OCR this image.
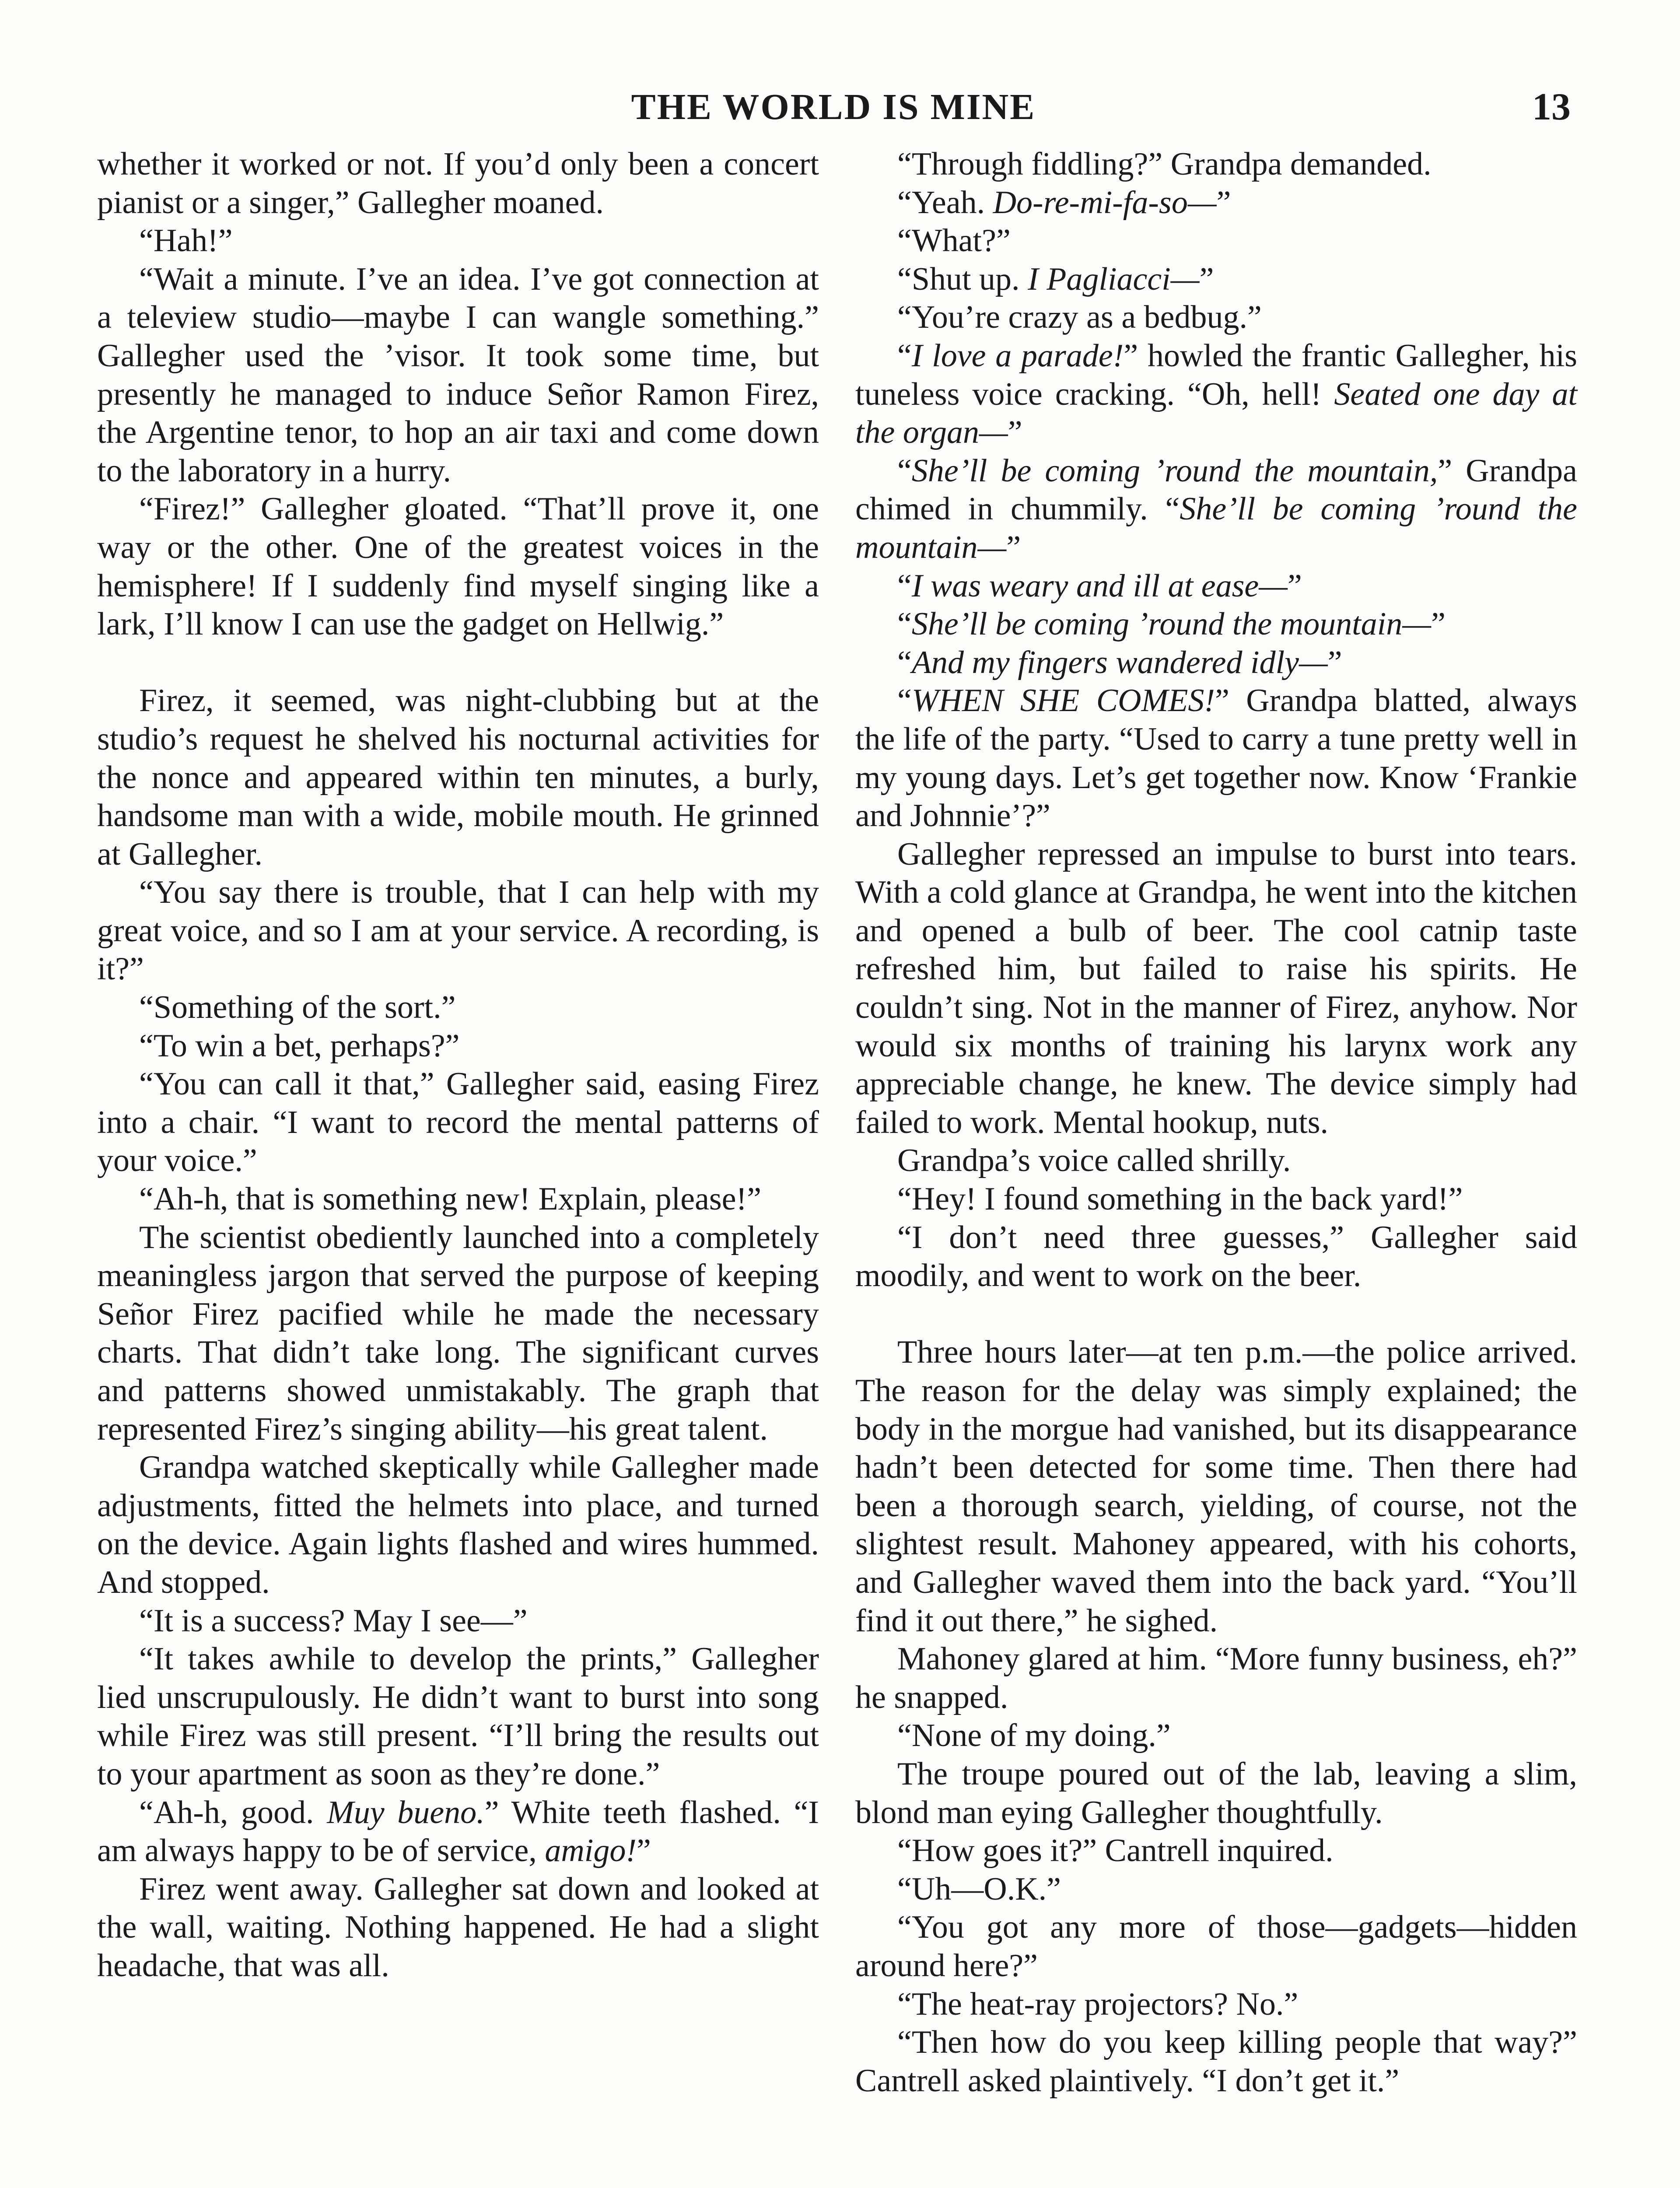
THE WORLD IS MINE	13

whether it worked or not. If you’d only been a concert pianist or a singer,” Gallegher moaned.

“Hah!”

“Wait a minute. I’ve an idea. I’ve got connection at a teleview studio—maybe I can wangle something.” Gallegher used the ’visor. It took some time, but presently he managed to induce Señor Ramon Firez, the Argentine tenor, to hop an air taxi and come down to the laboratory in a hurry.

“Firez!” Gallegher gloated. “That’ll prove it, one way or the other. One of the greatest voices in the hemisphere! If I suddenly find myself singing like a lark, I’ll know I can use the gadget on Hellwig.”

Firez, it seemed, was night-clubbing but at the studio’s request he shelved his nocturnal activities for the nonce and appeared within ten minutes, a burly, handsome man with a wide, mobile mouth. He grinned at Gallegher.

“You say there is trouble, that I can help with my great voice, and so I am at your service. A recording, is it?”

“Something of the sort.”

“To win a bet, perhaps?”

“You can call it that,” Gallegher said, easing Firez into a chair. “I want to record the mental patterns of your voice.”

“Ah-h, that is something new! Explain, please!”

The scientist obediently launched into a completely meaningless jargon that served the purpose of keeping Señor Firez pacified while he made the necessary charts. That didn’t take long. The significant curves and patterns showed unmistakably. The graph that represented Firez’s singing ability—his great talent.

Grandpa watched skeptically while Gallegher made adjustments, fitted the helmets into place, and turned on the device. Again lights flashed and wires hummed. And stopped.

“It is a success? May I see—”

“It takes awhile to develop the prints,” Gallegher lied unscrupulously. He didn’t want to burst into song while Firez was still present. “I’ll bring the results out to your apartment as soon as they’re done.”

“Ah-h, good. Muy bueno.” White teeth flashed. “I am always happy to be of service, amigo!”

Firez went away. Gallegher sat down and looked at the wall, waiting. Nothing happened. He had a slight headache, that was all.

“Through fiddling?” Grandpa demanded.

“Yeah. Do-re-mi-fa-so—”

“What?”

“Shut up. I Pagliacci—”

“You’re crazy as a bedbug.”

“I love a parade!” howled the frantic Gallegher, his tuneless voice cracking. “Oh, hell! Seated one day at the organ—”

“She’ll be coming ’round the mountain,” Grandpa chimed in chummily. “She’ll be coming ’round the mountain—”

“I was weary and ill at ease—”

“She’ll be coming ’round the mountain—”

“And my fingers wandered idly—”

“WHEN SHE COMES!” Grandpa blatted, always the life of the party. “Used to carry a tune pretty well in my young days. Let’s get together now. Know ‘Frankie and Johnnie’?”

Gallegher repressed an impulse to burst into tears. With a cold glance at Grandpa, he went into the kitchen and opened a bulb of beer. The cool catnip taste refreshed him, but failed to raise his spirits. He couldn’t sing. Not in the manner of Firez, anyhow. Nor would six months of training his larynx work any appreciable change, he knew. The device simply had failed to work. Mental hookup, nuts.

Grandpa’s voice called shrilly.

“Hey! I found something in the back yard!”

“I don’t need three guesses,” Gallegher said moodily, and went to work on the beer.

Three hours later—at ten p.m.—the police arrived. The reason for the delay was simply explained; the body in the morgue had vanished, but its disappearance hadn’t been detected for some time. Then there had been a thorough search, yielding, of course, not the slightest result. Mahoney appeared, with his cohorts, and Gallegher waved them into the back yard. “You’ll find it out there,” he sighed.

Mahoney glared at him. “More funny business, eh?” he snapped.

“None of my doing.”

The troupe poured out of the lab, leaving a slim, blond man eying Gallegher thoughtfully.

“How goes it?” Cantrell inquired.

“Uh—O.K.”

“You got any more of those—gadgets—hidden around here?”

“The heat-ray projectors? No.”

“Then how do you keep killing people that way?” Cantrell asked plaintively. “I don’t get it.”
